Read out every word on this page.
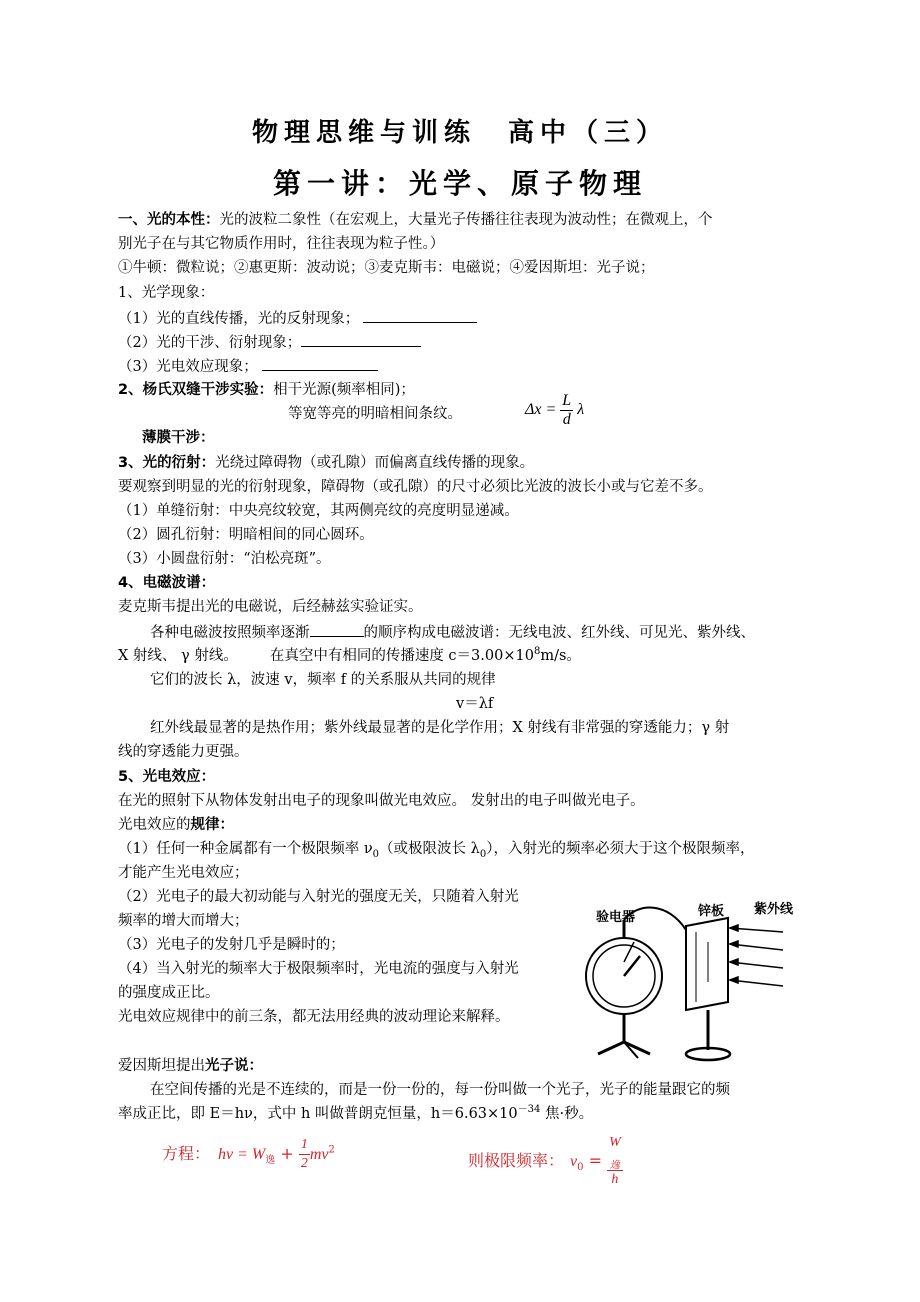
物理思维与训练　高中（三）
第一讲：光学、原子物理
一、光的本性：光的波粒二象性（在宏观上，大量光子传播往往表现为波动性；在微观上，个
别光子在与其它物质作用时，往往表现为粒子性。）
①牛顿：微粒说；②惠更斯：波动说；③麦克斯韦：电磁说；④爱因斯坦：光子说；
1、光学现象：
（1）光的直线传播，光的反射现象；
（2）光的干涉、衍射现象；
（3）光电效应现象；
2、杨氏双缝干涉实验：相干光源(频率相同)；
等宽等亮的明暗相间条纹。	$\Delta x = \frac{L}{d}$ λ
薄膜干涉：
3、光的衍射：光绕过障碍物（或孔隙）而偏离直线传播的现象。
要观察到明显的光的衍射现象，障碍物（或孔隙）的尺寸必须比光波的波长小或与它差不多。
（1）单缝衍射：中央亮纹较宽，其两侧亮纹的亮度明显递减。
（2）圆孔衍射：明暗相间的同心圆环。
（3）小圆盘衍射：“泊松亮斑”。
4、电磁波谱：
麦克斯韦提出光的电磁说，后经赫兹实验证实。
各种电磁波按照频率逐渐	的顺序构成电磁波谱：无线电波、红外线、可见光、紫外线、
X 射线、 γ 射线。 在真空中有相同的传播速度 $c=3.00\times 10^8m/s$。
它们的波长 λ，波速 v，频率 f 的关系服从共同的规律
v＝λf
红外线最显著的是热作用；紫外线最显著的是化学作用；X 射线有非常强的穿透能力；γ 射
线的穿透能力更强。
5、光电效应：
在光的照射下从物体发射出电子的现象叫做光电效应。 发射出的电子叫做光电子。
光电效应的规律：
（1）任何一种金属都有一个极限频率 $\nu_0$（或极限波长 $\lambda_0$），入射光的频率必须大于这个极限频率，
才能产生光电效应；
（2）光电子的最大初动能与入射光的强度无关，只随着入射光
频率的增大而增大；
（3）光电子的发射几乎是瞬时的；
（4）当入射光的频率大于极限频率时，光电流的强度与入射光
的强度成正比。
光电效应规律中的前三条，都无法用经典的波动理论来解释。
爱因斯坦提出光子说：
在空间传播的光是不连续的，而是一份一份的，每一份叫做一个光子，光子的能量跟它的频
率成正比，即 E＝hν，式中 h 叫做普朗克恒量，$h=6.63\times 10^{-34}$ 焦·秒。
方程： $h\nu = W_逸 + \frac{1}{2} mv^2$
则极限频率： $\nu_0 = W$
$_逸$
h
验电器	锌板 紫外线
